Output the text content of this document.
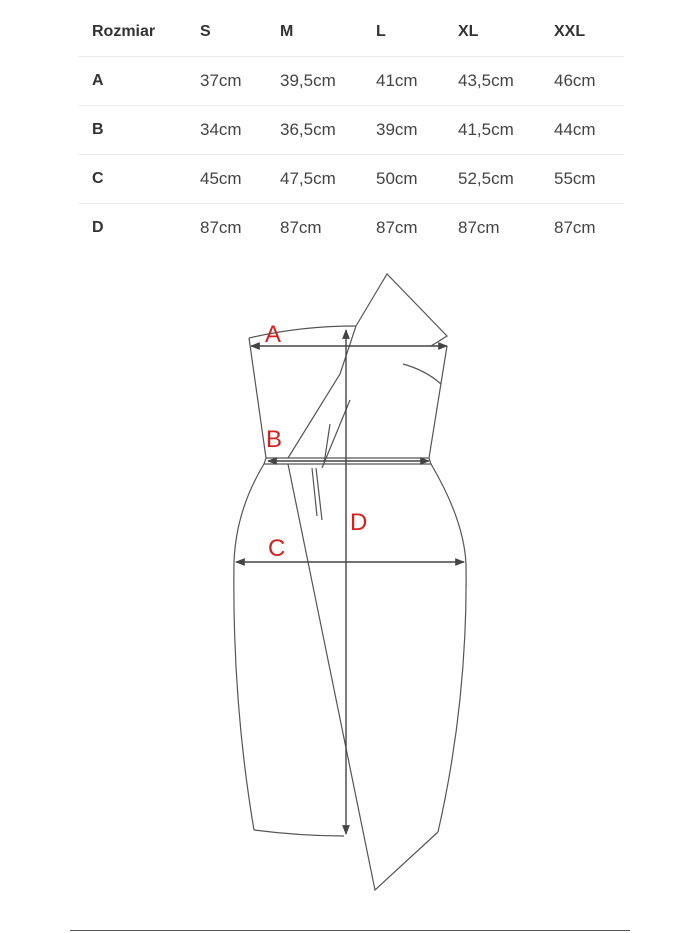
Rozmiar	S	M	L	XL	XXL
A	37cm	39,5cm	41cm	43,5cm	46cm
B	34cm	36,5cm	39cm	41,5cm	44cm
C	45cm	47,5cm	50cm	52,5cm	55cm
D	87cm	87cm	87cm	87cm	87cm
A
B
C
D
